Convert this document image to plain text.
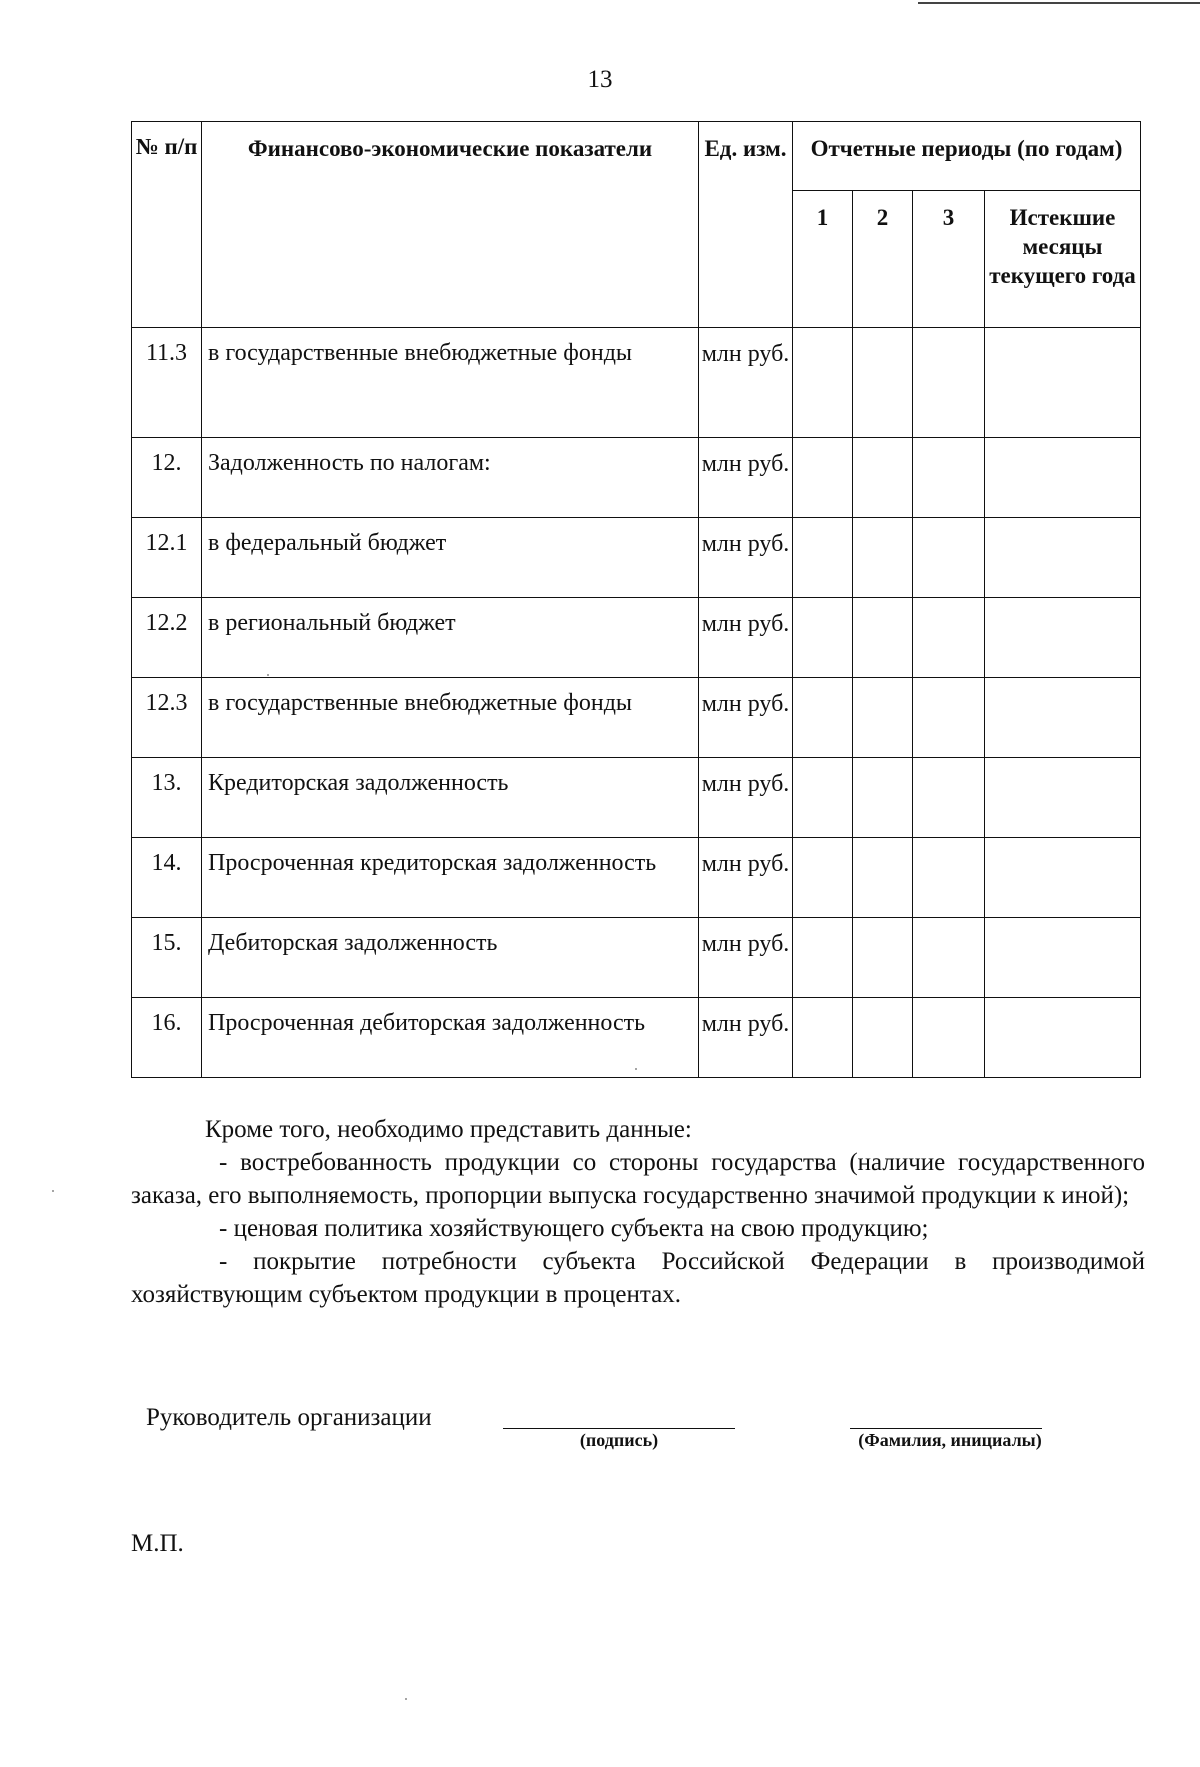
13
№ п/п	Финансово-экономические показатели	Ед. изм.	Отчетные периоды (по годам)			
			1	2	3	Истекшие месяцы текущего года
11.3	в государственные внебюджетные фонды	млн руб.				
12.	Задолженность по налогам:	млн руб.				
12.1	в федеральный бюджет	млн руб.				
12.2	в региональный бюджет	млн руб.				
12.3	в государственные внебюджетные фонды	млн руб.				
13.	Кредиторская задолженность	млн руб.				
14.	Просроченная кредиторская задолженность	млн руб.				
15.	Дебиторская задолженность	млн руб.				
16.	Просроченная дебиторская задолженность	млн руб.				

Кроме того, необходимо представить данные:

- востребованность продукции со стороны государства (наличие государственного заказа, его выполняемость, пропорции выпуска государственно значимой продукции к иной);

- ценовая политика хозяйствующего субъекта на свою продукцию;

- покрытие потребности субъекта Российской Федерации в производимой хозяйствующим субъектом продукции в процентах.

Руководитель организации
(подпись)	(Фамилия, инициалы)
М.П.
